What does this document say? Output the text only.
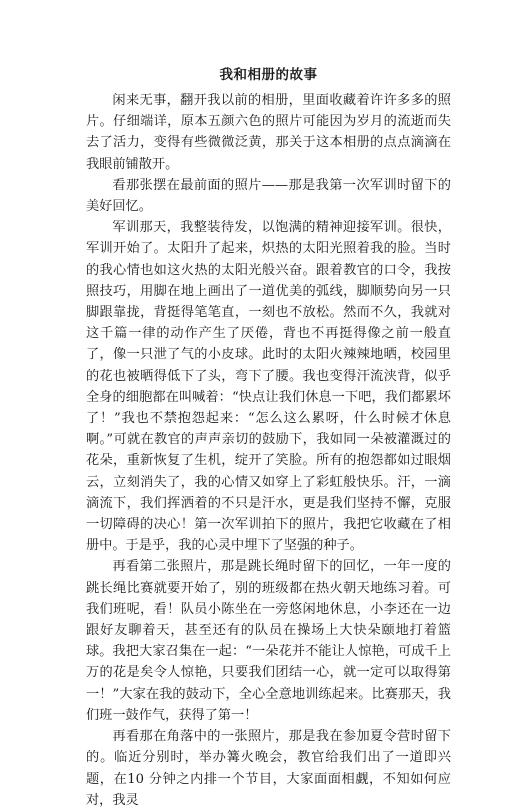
我和相册的故事

闲来无事，翻开我以前的相册，里面收藏着许许多多的照片。仔细端详，原本五颜六色的照片可能因为岁月的流逝而失去了活力，变得有些微微泛黄，那关于这本相册的点点滴滴在我眼前铺散开。

看那张摆在最前面的照片——那是我第一次军训时留下的美好回忆。

军训那天，我整装待发，以饱满的精神迎接军训。很快，军训开始了。太阳升了起来，炽热的太阳光照着我的脸。当时的我心情也如这火热的太阳光般兴奋。跟着教官的口令，我按照技巧，用脚在地上画出了一道优美的弧线，脚顺势向另一只脚跟靠拢，背挺得笔笔直，一刻也不放松。然而不久，我就对这千篇一律的动作产生了厌倦，背也不再挺得像之前一般直了，像一只泄了气的小皮球。此时的太阳火辣辣地晒，校园里的花也被晒得低下了头，弯下了腰。我也变得汗流浃背，似乎全身的细胞都在叫喊着：“快点让我们休息一下吧，我们都累坏了！”我也不禁抱怨起来：“怎么这么累呀，什么时候才休息啊。”可就在教官的声声亲切的鼓励下，我如同一朵被灌溉过的花朵，重新恢复了生机，绽开了笑脸。所有的抱怨都如过眼烟云，立刻消失了，我的心情又如穿上了彩虹般快乐。汗，一滴滴流下，我们挥洒着的不只是汗水，更是我们坚持不懈，克服一切障碍的决心！第一次军训拍下的照片，我把它收藏在了相册中。于是乎，我的心灵中埋下了坚强的种子。

再看第二张照片，那是跳长绳时留下的回忆，一年一度的跳长绳比赛就要开始了，别的班级都在热火朝天地练习着。可我们班呢，看！队员小陈坐在一旁悠闲地休息，小李还在一边跟好友聊着天，甚至还有的队员在操场上大快朵颐地打着篮球。我把大家召集在一起：“一朵花并不能让人惊艳，可成千上万的花是矣令人惊艳，只要我们团结一心，就一定可以取得第一！”大家在我的鼓动下，全心全意地训练起来。比赛那天，我们班一鼓作气，获得了第一！

再看那在角落中的一张照片，那是我在参加夏令营时留下的。临近分别时，举办篝火晚会，教官给我们出了一道即兴题，在10 分钟之内排一个节目，大家面面相觑，不知如何应对，我灵
